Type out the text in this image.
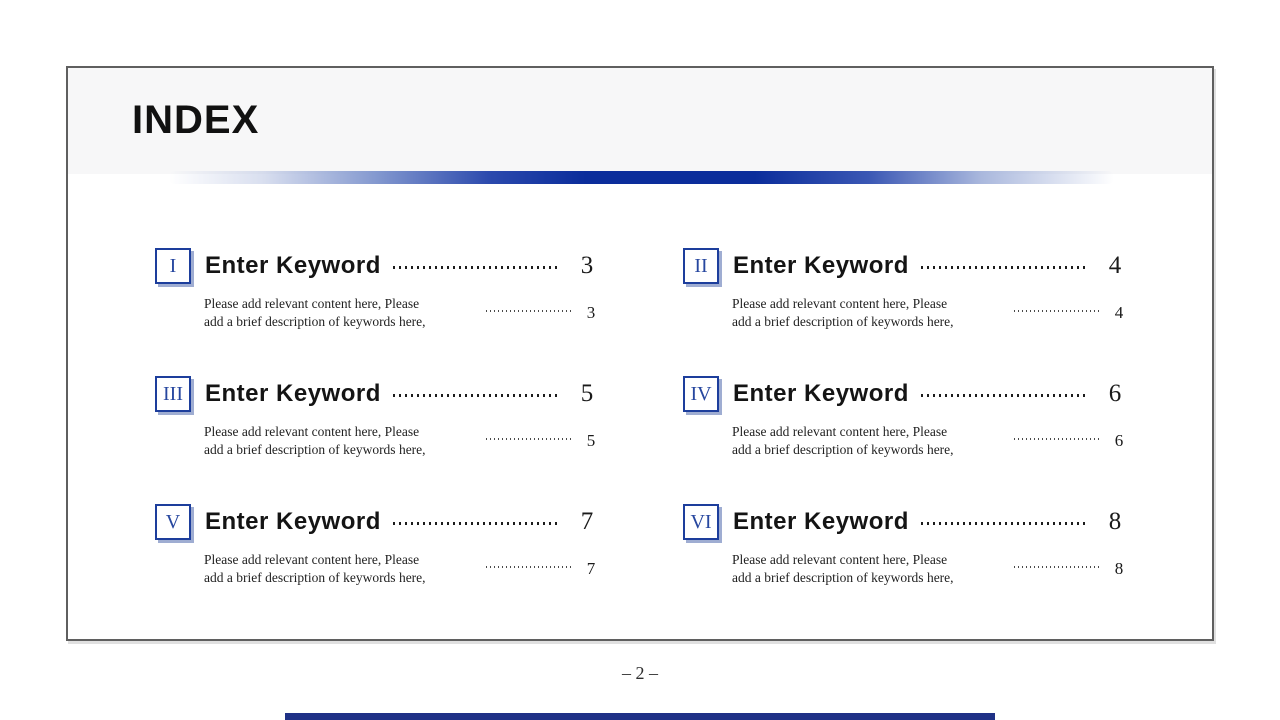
INDEX
I Enter Keyword	3
Please add relevant content here, Please
add a brief description of keywords here,	3
II Enter Keyword	4
Please add relevant content here, Please
add a brief description of keywords here,	4
III Enter Keyword	5
Please add relevant content here, Please
add a brief description of keywords here,	5
IV Enter Keyword	6
Please add relevant content here, Please
add a brief description of keywords here,	6
V Enter Keyword	7
Please add relevant content here, Please
add a brief description of keywords here,	7
VI Enter Keyword	8
Please add relevant content here, Please
add a brief description of keywords here,	8
– 2 –
